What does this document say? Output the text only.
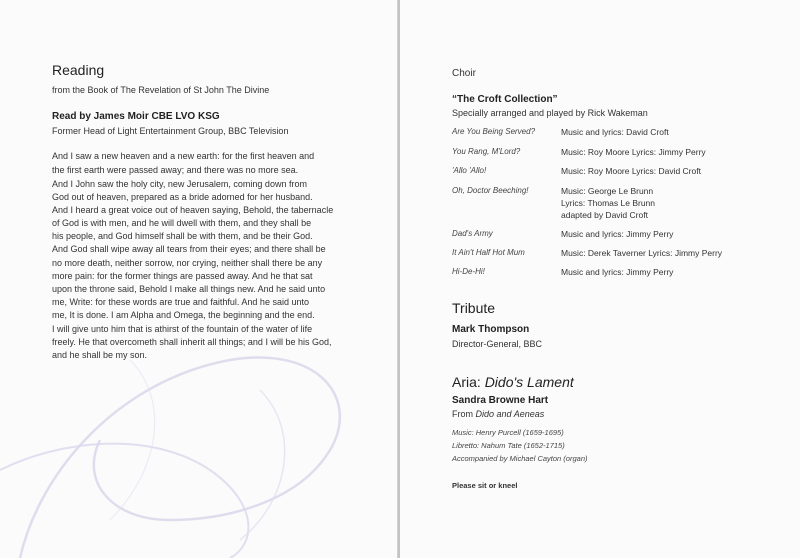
Reading
from the Book of The Revelation of St John The Divine
Read by James Moir CBE LVO KSG
Former Head of Light Entertainment Group, BBC Television
And I saw a new heaven and a new earth: for the first heaven and
the first earth were passed away; and there was no more sea.
And I John saw the holy city, new Jerusalem, coming down from
God out of heaven, prepared as a bride adorned for her husband.
And I heard a great voice out of heaven saying, Behold, the tabernacle
of God is with men, and he will dwell with them, and they shall be
his people, and God himself shall be with them, and be their God.
And God shall wipe away all tears from their eyes; and there shall be
no more death, neither sorrow, nor crying, neither shall there be any
more pain: for the former things are passed away. And he that sat
upon the throne said, Behold I make all things new. And he said unto
me, Write: for these words are true and faithful. And he said unto
me, It is done. I am Alpha and Omega, the beginning and the end.
I will give unto him that is athirst of the fountain of the water of life
freely. He that overcometh shall inherit all things; and I will be his God,
and he shall be my son.
Choir
“The Croft Collection”
Specially arranged and played by Rick Wakeman
Are You Being Served?	Music and lyrics: David Croft
You Rang, M'Lord?	Music: Roy Moore Lyrics: Jimmy Perry
'Allo 'Allo!	Music: Roy Moore Lyrics: David Croft
Oh, Doctor Beeching!	Music: George Le Brunn
Lyrics: Thomas Le Brunn
adapted by David Croft
Dad's Army	Music and lyrics: Jimmy Perry
It Ain't Half Hot Mum	Music: Derek Taverner Lyrics: Jimmy Perry
Hi-De-Hi!	Music and lyrics: Jimmy Perry
Tribute
Mark Thompson
Director-General, BBC
Aria: Dido's Lament
Sandra Browne Hart
From Dido and Aeneas
Music: Henry Purcell (1659-1695)
Libretto: Nahum Tate (1652-1715)
Accompanied by Michael Cayton (organ)
Please sit or kneel
